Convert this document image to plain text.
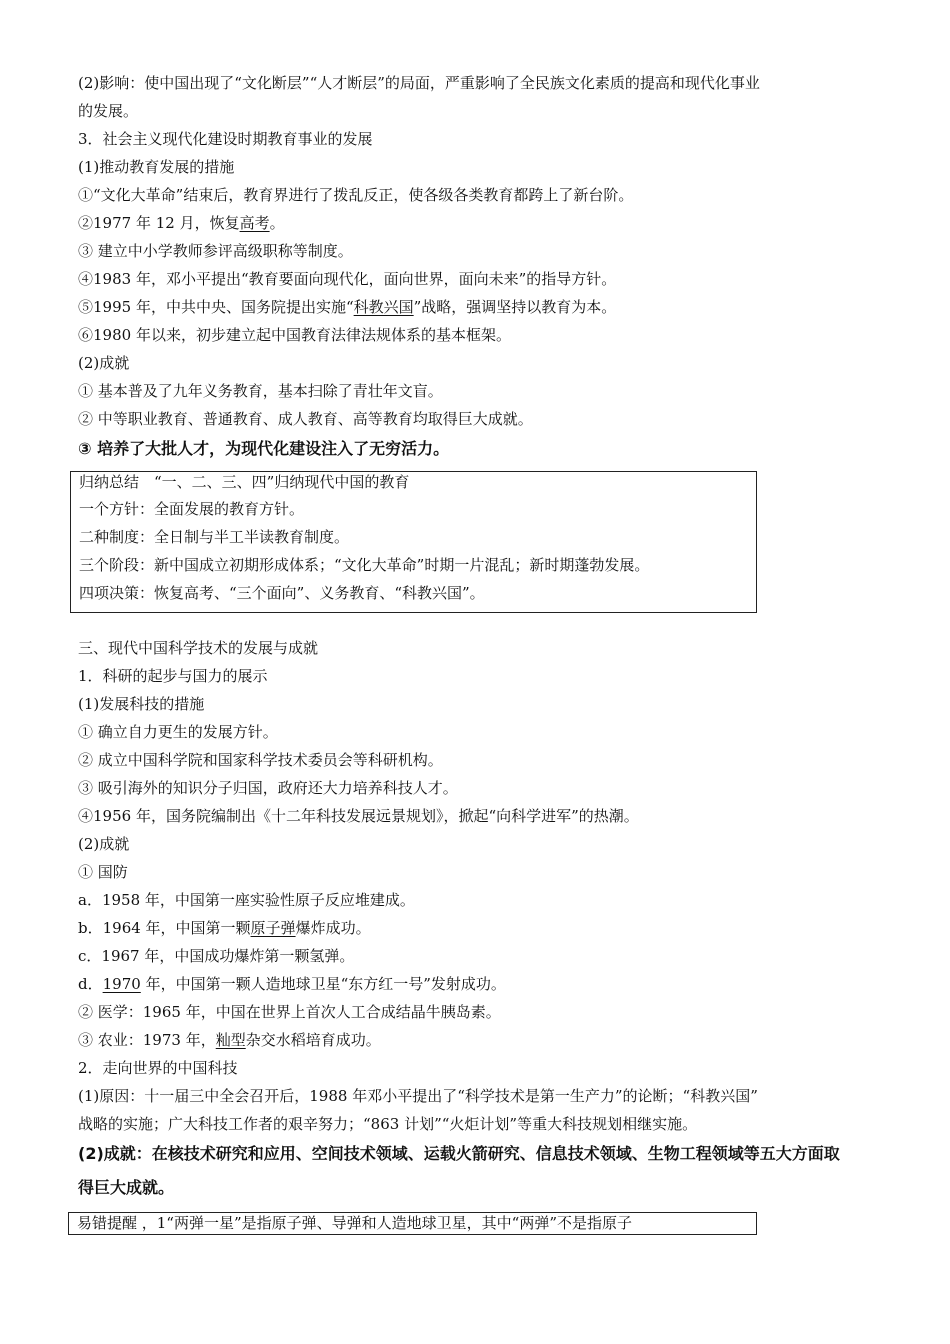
(2)影响：使中国出现了“文化断层”“人才断层”的局面，严重影响了全民族文化素质的提高和现代化事业
的发展。
3．社会主义现代化建设时期教育事业的发展
(1)推动教育发展的措施
①“文化大革命”结束后，教育界进行了拨乱反正，使各级各类教育都跨上了新台阶。
②1977 年 12 月，恢复高考。
③ 建立中小学教师参评高级职称等制度。
④1983 年，邓小平提出“教育要面向现代化，面向世界，面向未来”的指导方针。
⑤1995 年，中共中央、国务院提出实施“科教兴国”战略，强调坚持以教育为本。
⑥1980 年以来，初步建立起中国教育法律法规体系的基本框架。
(2)成就
① 基本普及了九年义务教育，基本扫除了青壮年文盲。
② 中等职业教育、普通教育、成人教育、高等教育均取得巨大成就。
③ 培养了大批人才，为现代化建设注入了无穷活力。
归纳总结　“一、二、三、四”归纳现代中国的教育
一个方针：全面发展的教育方针。
二种制度：全日制与半工半读教育制度。
三个阶段：新中国成立初期形成体系；“文化大革命”时期一片混乱；新时期蓬勃发展。
四项决策：恢复高考、“三个面向”、义务教育、“科教兴国”。
三、现代中国科学技术的发展与成就
1．科研的起步与国力的展示
(1)发展科技的措施
① 确立自力更生的发展方针。
② 成立中国科学院和国家科学技术委员会等科研机构。
③ 吸引海外的知识分子归国，政府还大力培养科技人才。
④1956 年，国务院编制出《十二年科技发展远景规划》，掀起“向科学进军”的热潮。
(2)成就
① 国防
a．1958 年，中国第一座实验性原子反应堆建成。
b．1964 年，中国第一颗原子弹爆炸成功。
c．1967 年，中国成功爆炸第一颗氢弹。
d．1970 年，中国第一颗人造地球卫星“东方红一号”发射成功。
② 医学：1965 年，中国在世界上首次人工合成结晶牛胰岛素。
③ 农业：1973 年，籼型杂交水稻培育成功。
2．走向世界的中国科技
(1)原因：十一届三中全会召开后，1988 年邓小平提出了“科学技术是第一生产力”的论断；“科教兴国”
战略的实施；广大科技工作者的艰辛努力；“863 计划”“火炬计划”等重大科技规划相继实施。
(2)成就：在核技术研究和应用、空间技术领域、运载火箭研究、信息技术领域、生物工程领域等五大方面取
得巨大成就。
易错提醒 ，1“两弹一星”是指原子弹、导弹和人造地球卫星，其中“两弹”不是指原子
